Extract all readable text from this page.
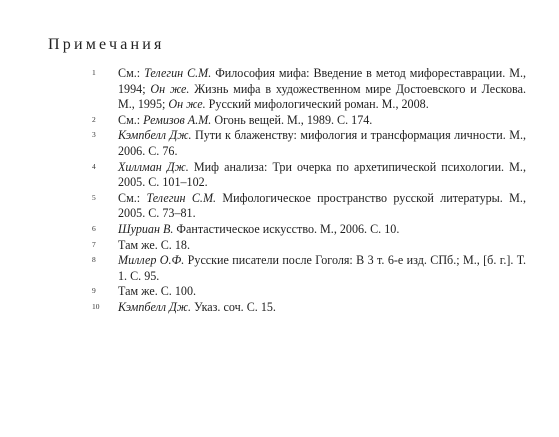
Примечания
1 См.: Телегин С.М. Философия мифа: Введение в метод мифореставрации. М., 1994; Он же. Жизнь мифа в художественном мире Достоевского и Лескова. М., 1995; Он же. Русский мифологический роман. М., 2008.
2 См.: Ремизов А.М. Огонь вещей. М., 1989. С. 174.
3 Кэмпбелл Дж. Пути к блаженству: мифология и трансформация личности. М., 2006. С. 76.
4 Хиллман Дж. Миф анализа: Три очерка по архетипической психологии. М., 2005. С. 101–102.
5 См.: Телегин С.М. Мифологическое пространство русской литературы. М., 2005. С. 73–81.
6 Шуриан В. Фантастическое искусство. М., 2006. С. 10.
7 Там же. С. 18.
8 Миллер О.Ф. Русские писатели после Гоголя: В 3 т. 6-е изд. СПб.; М., [б. г.]. Т. 1. С. 95.
9 Там же. С. 100.
10 Кэмпбелл Дж. Указ. соч. С. 15.
